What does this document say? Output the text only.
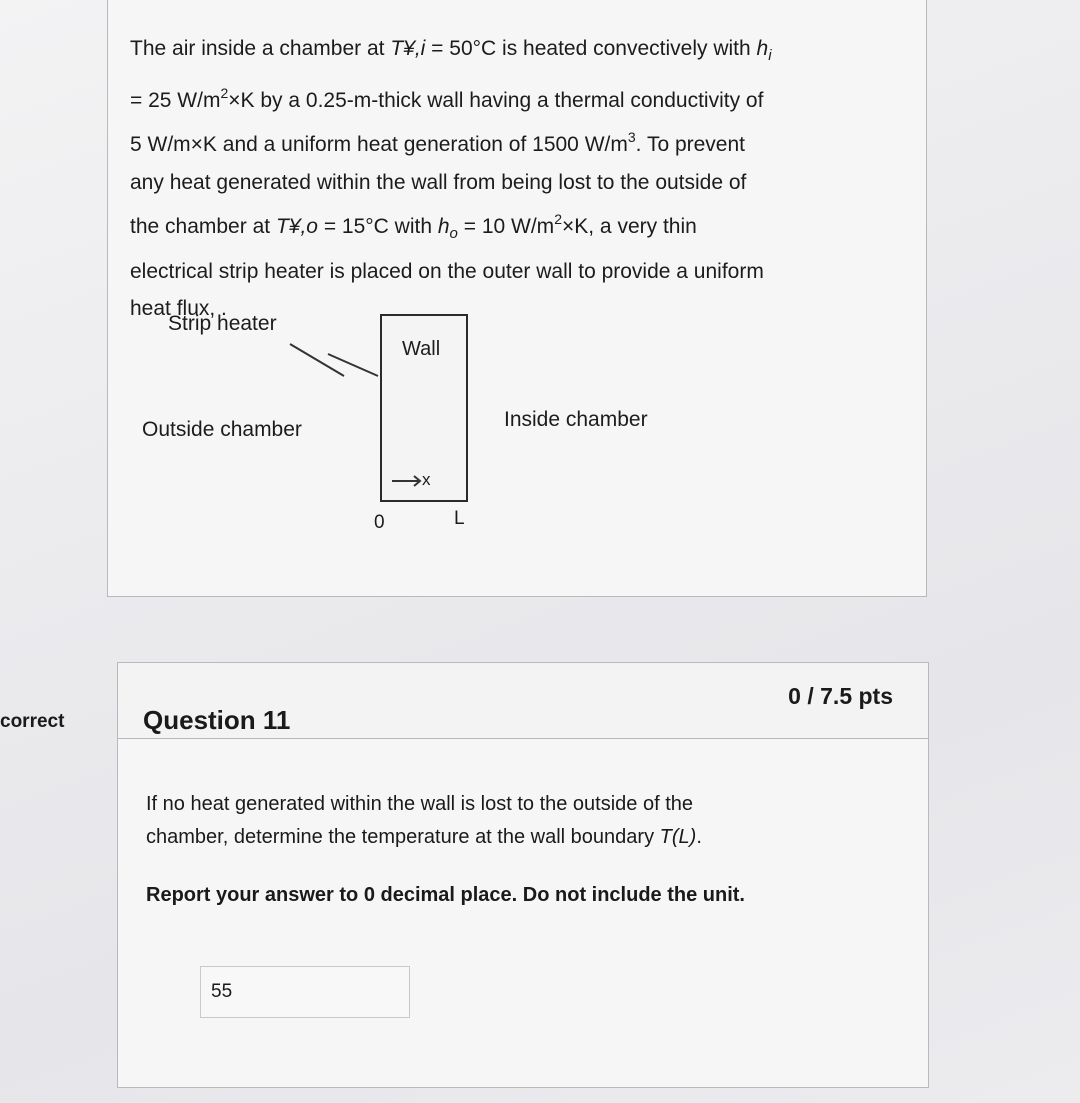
The air inside a chamber at T¥,i = 50°C is heated convectively with $h_i$

= 25 $W/m^2\times K$ by a 0.25-m-thick wall having a thermal conductivity of

5 W/m×K and a uniform heat generation of 1500 $W/m^3$. To prevent

any heat generated within the wall from being lost to the outside of

the chamber at T¥,o = 15°C with $h_o = 10$ $W/m^2\times K$, a very thin

electrical strip heater is placed on the outer wall to provide a uniform

heat flux, .

Strip heater
Wall
Outside chamber	Inside chamber
x
0	L
correct	Question 11
0 / 7.5 pts

If no heat generated within the wall is lost to the outside of the

chamber, determine the temperature at the wall boundary T(L).

Report your answer to 0 decimal place. Do not include the unit.

55
